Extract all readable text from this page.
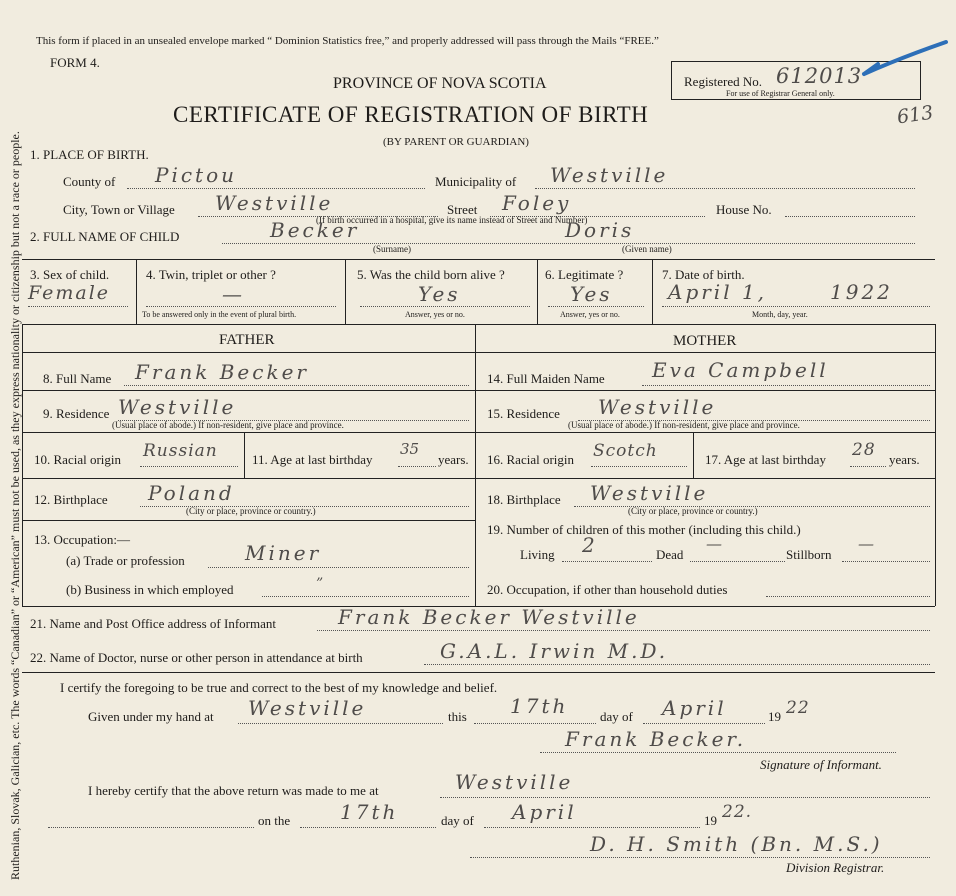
Ruthenian, Slovak, Galician, etc. The words “Canadian” or “American” must not be used, as they express nationality or citizenship but not a race or people.
This form if placed in an unsealed envelope marked “ Dominion Statistics free,” and properly addressed will pass through the Mails “FREE.”
FORM 4.
PROVINCE OF NOVA SCOTIA
CERTIFICATE OF REGISTRATION OF BIRTH
(BY PARENT OR GUARDIAN)
Registered No. 612013
For use of Registrar General only.
613
1. PLACE OF BIRTH.
County of Pictou	Municipality of Westville
City, Town or Village Westville	Street Foley	House No.
(If birth occurred in a hospital, give its name instead of Street and Number)
2. FULL NAME OF CHILD	Becker	Doris
(Surname)	(Given name)
3. Sex of child.
Female
4. Twin, triplet or other ?
—
To be answered only in the event of plural birth.
5. Was the child born alive ?
Yes
Answer, yes or no.
6. Legitimate ?
Yes
Answer, yes or no.
7. Date of birth.
April 1,	1922
Month, day, year.
FATHER	MOTHER
8. Full Name Frank Becker
9. Residence Westville
(Usual place of abode.) If non-resident, give place and province.
10. Racial origin Russian	11. Age at last birthday
35
years.
12. Birthplace Poland
(City or place, province or country.)
13. Occupation:—
(a) Trade or profession	Miner
(b) Business in which employed	”
14. Full Maiden Name Eva Campbell
15. Residence Westville
(Usual place of abode.) If non-resident, give place and province.
16. Racial origin Scotch	17. Age at last birthday 28 years.
18. Birthplace Westville
(City or place, province or country.)
19. Number of children of this mother (including this child.)
Living 2	Dead
—
Stillborn
—
20. Occupation, if other than household duties
21. Name and Post Office address of Informant	Frank Becker Westville
22. Name of Doctor, nurse or other person in attendance at birth	G.A.L. Irwin M.D.
I certify the foregoing to be true and correct to the best of my knowledge and belief.
Given under my hand at Westville	this 17th day of April	19 22
Frank Becker.
Signature of Informant.
I hereby certify that the above return was made to me at	Westville
on the 17th	day of April	19 22.
D. H. Smith (Bn. M.S.)
Division Registrar.
